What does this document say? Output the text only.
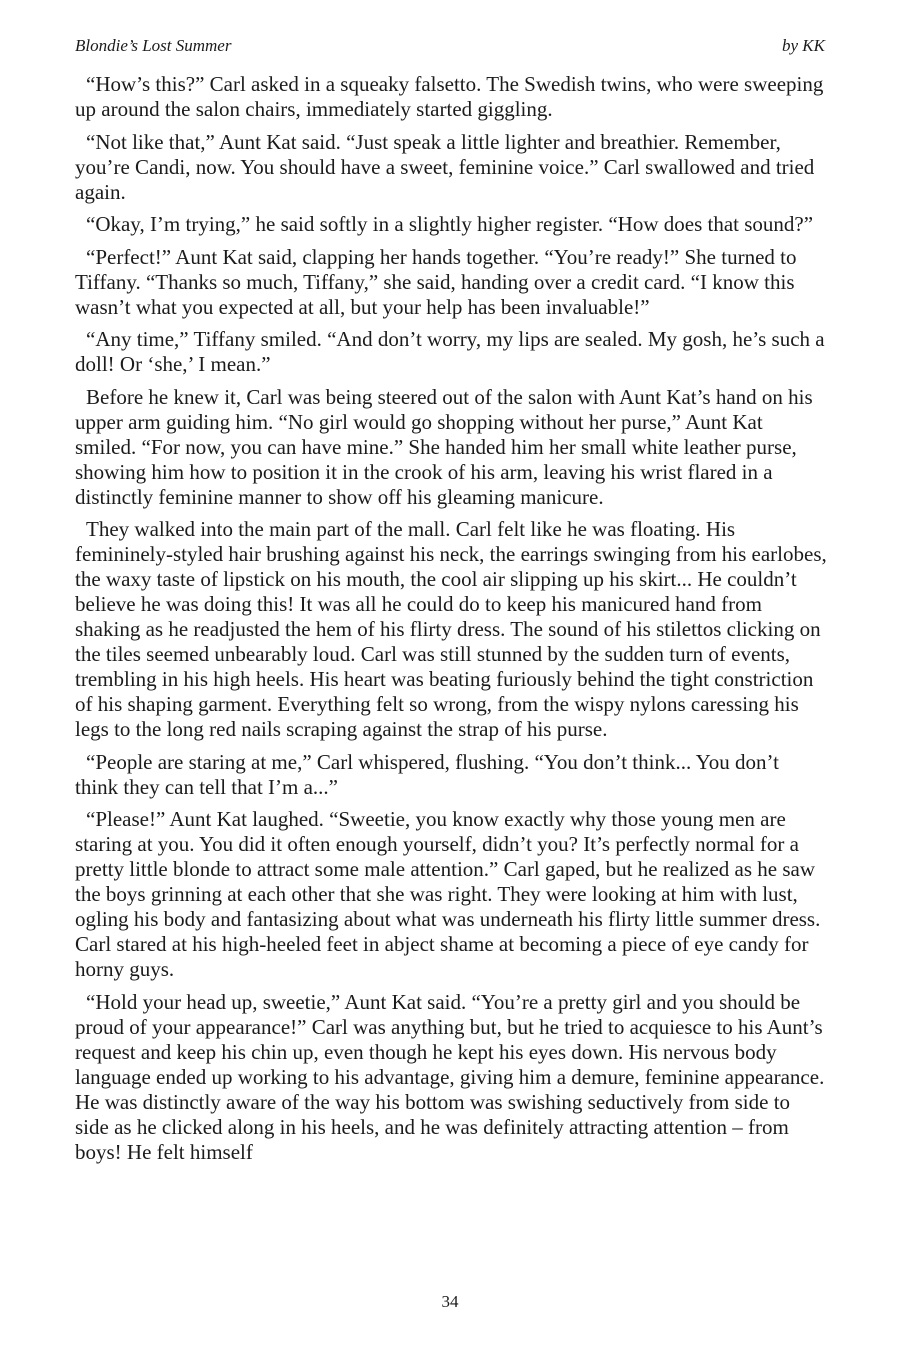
Blondie’s Lost Summer	by KK

“How’s this?” Carl asked in a squeaky falsetto. The Swedish twins, who were sweeping up around the salon chairs, immediately started giggling.

“Not like that,” Aunt Kat said. “Just speak a little lighter and breathier. Remember, you’re Candi, now. You should have a sweet, feminine voice.” Carl swallowed and tried again.

“Okay, I’m trying,” he said softly in a slightly higher register. “How does that sound?”

“Perfect!” Aunt Kat said, clapping her hands together. “You’re ready!” She turned to Tiffany. “Thanks so much, Tiffany,” she said, handing over a credit card. “I know this wasn’t what you expected at all, but your help has been invaluable!”

“Any time,” Tiffany smiled. “And don’t worry, my lips are sealed. My gosh, he’s such a doll! Or ‘she,’ I mean.”

Before he knew it, Carl was being steered out of the salon with Aunt Kat’s hand on his upper arm guiding him. “No girl would go shopping without her purse,” Aunt Kat smiled. “For now, you can have mine.” She handed him her small white leather purse, showing him how to position it in the crook of his arm, leaving his wrist flared in a distinctly feminine manner to show off his gleaming manicure.

They walked into the main part of the mall. Carl felt like he was floating. His femininely-styled hair brushing against his neck, the earrings swinging from his earlobes, the waxy taste of lipstick on his mouth, the cool air slipping up his skirt... He couldn’t believe he was doing this! It was all he could do to keep his manicured hand from shaking as he readjusted the hem of his flirty dress. The sound of his stilettos clicking on the tiles seemed unbearably loud. Carl was still stunned by the sudden turn of events, trembling in his high heels. His heart was beating furiously behind the tight constriction of his shaping garment. Everything felt so wrong, from the wispy nylons caressing his legs to the long red nails scraping against the strap of his purse.

“People are staring at me,” Carl whispered, flushing. “You don’t think... You don’t think they can tell that I’m a...”

“Please!” Aunt Kat laughed. “Sweetie, you know exactly why those young men are staring at you. You did it often enough yourself, didn’t you? It’s perfectly normal for a pretty little blonde to attract some male attention.” Carl gaped, but he realized as he saw the boys grinning at each other that she was right. They were looking at him with lust, ogling his body and fantasizing about what was underneath his flirty little summer dress. Carl stared at his high-heeled feet in abject shame at becoming a piece of eye candy for horny guys.

“Hold your head up, sweetie,” Aunt Kat said. “You’re a pretty girl and you should be proud of your appearance!” Carl was anything but, but he tried to acquiesce to his Aunt’s request and keep his chin up, even though he kept his eyes down. His nervous body language ended up working to his advantage, giving him a demure, feminine appearance. He was distinctly aware of the way his bottom was swishing seductively from side to side as he clicked along in his heels, and he was definitely attracting attention – from boys! He felt himself

34
